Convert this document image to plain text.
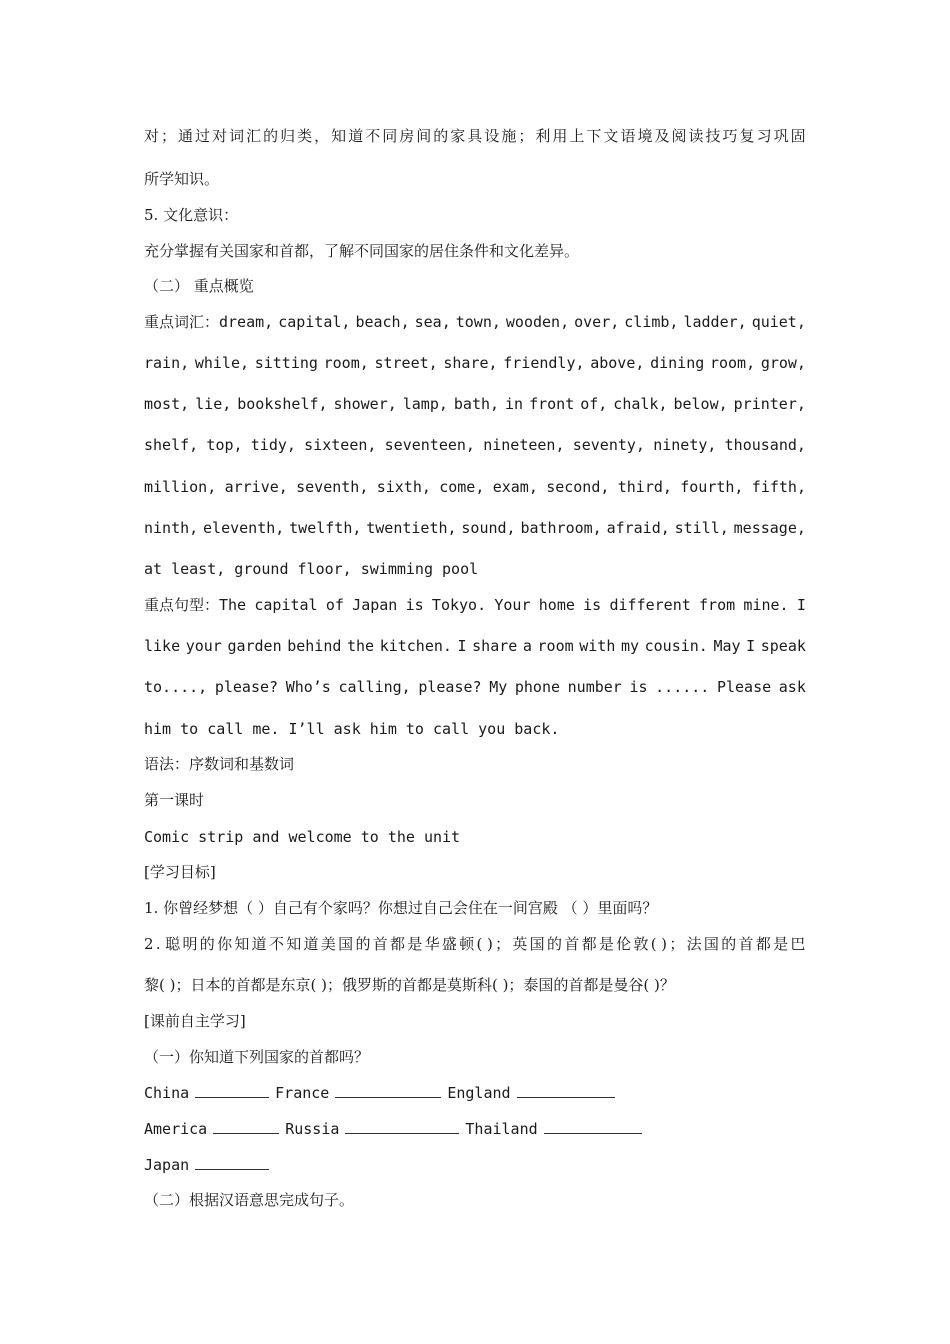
对 ； 通 过 对 词 汇 的 归 类 ， 知 道 不 同 房 间 的 家 具 设 施 ； 利 用 上 下 文 语 境 及 阅 读 技 巧 复 习 巩 固
所学知识。
5. 文化意识：
充分掌握有关国家和首都，了解不同国家的居住条件和文化差异。
（二） 重点概览
重点词汇：dream, capital, beach, sea, town, wooden, over, climb, ladder, quiet,
rain, while, sitting room, street, share, friendly, above, dining room, grow,
most, lie, bookshelf, shower, lamp, bath, in front of, chalk, below, printer,
shelf, top, tidy, sixteen, seventeen, nineteen, seventy, ninety, thousand,
million, arrive, seventh, sixth, come, exam, second, third, fourth, fifth,
ninth, eleventh, twelfth, twentieth, sound, bathroom, afraid, still, message,
at least, ground floor, swimming pool
重点句型：The capital of Japan is Tokyo. Your home is different from mine. I
like your garden behind the kitchen. I share a room with my cousin. May I speak
to...., please? Who’s calling, please? My phone number is ...... Please ask
him to call me. I’ll ask him to call you back.
语法：序数词和基数词
第一课时
Comic strip and welcome to the unit
[学习目标]
1. 你曾经梦想（ ）自己有个家吗？你想过自己会住在一间宫殿 （ ）里面吗？
2 . 聪 明 的 你 知 道 不 知 道 美 国 的 首 都 是 华 盛 顿 ( ) ； 英 国 的 首 都 是 伦 敦 ( ) ； 法 国 的 首 都 是 巴
黎( )；日本的首都是东京( )；俄罗斯的首都是莫斯科( )；泰国的首都是曼谷( )？
[课前自主学习]
（一）你知道下列国家的首都吗？
China	France	England
America	Russia	Thailand
Japan
（二）根据汉语意思完成句子。
